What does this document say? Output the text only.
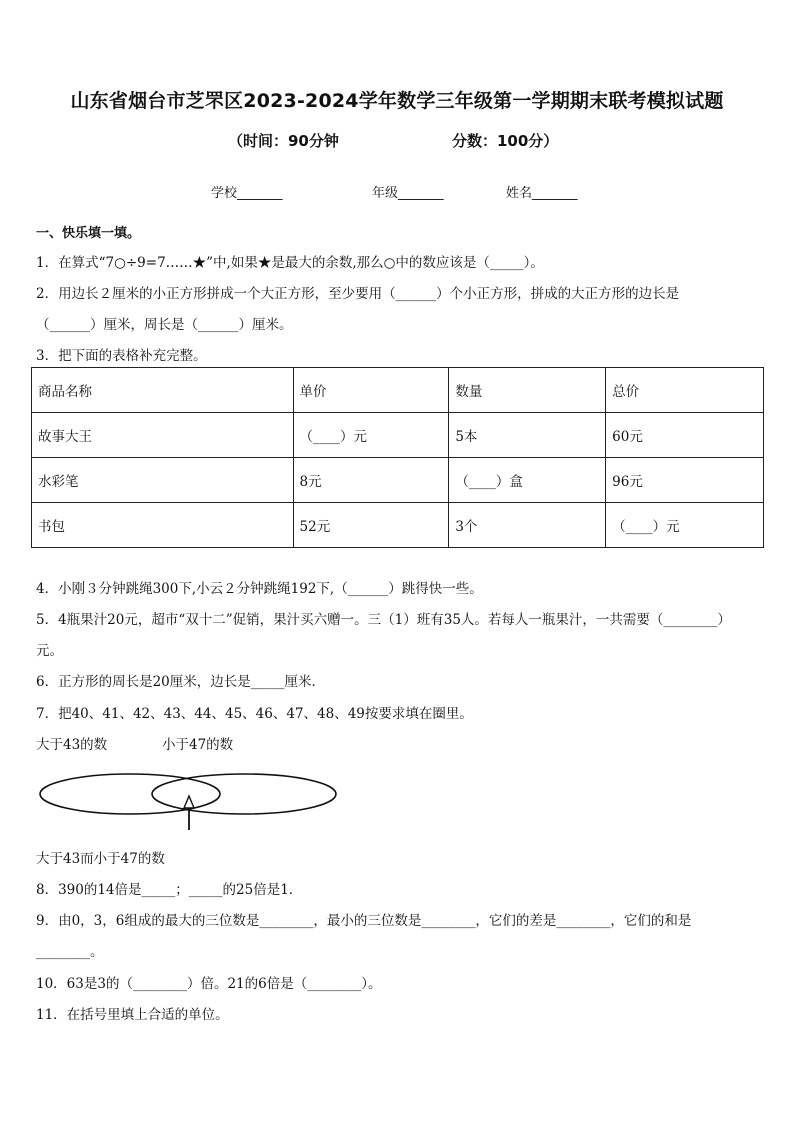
山东省烟台市芝罘区2023-2024学年数学三年级第一学期期末联考模拟试题
（时间：90分钟	分数：100分）
学校_______	年级_______	姓名_______
一、快乐填一填。
1．在算式“7○÷9=7……★”中,如果★是最大的余数,那么○中的数应该是（_____）。
2．用边长２厘米的小正方形拼成一个大正方形，至少要用（______）个小正方形，拼成的大正方形的边长是
（______）厘米，周长是（______）厘米。
3．把下面的表格补充完整。
商品名称	单价	数量	总价
故事大王	（____）元	5本	60元
水彩笔	8元	（____）盒	96元
书包	52元	3个	（____）元
4．小刚３分钟跳绳300下,小云２分钟跳绳192下,（______）跳得快一些。
5．4瓶果汁20元，超市“双十二”促销，果汁买六赠一。三（1）班有35人。若每人一瓶果汁，一共需要（________）
元。
6．正方形的周长是20厘米，边长是_____厘米．
7．把40、41、42、43、44、45、46、47、48、49按要求填在圈里。
大于43的数	小于47的数
大于43而小于47的数
8．390的14倍是_____；_____的25倍是1．
9．由0，3，6组成的最大的三位数是________，最小的三位数是________，它们的差是________，它们的和是
________。
10．63是3的（________）倍。21的6倍是（________）。
11．在括号里填上合适的单位。
